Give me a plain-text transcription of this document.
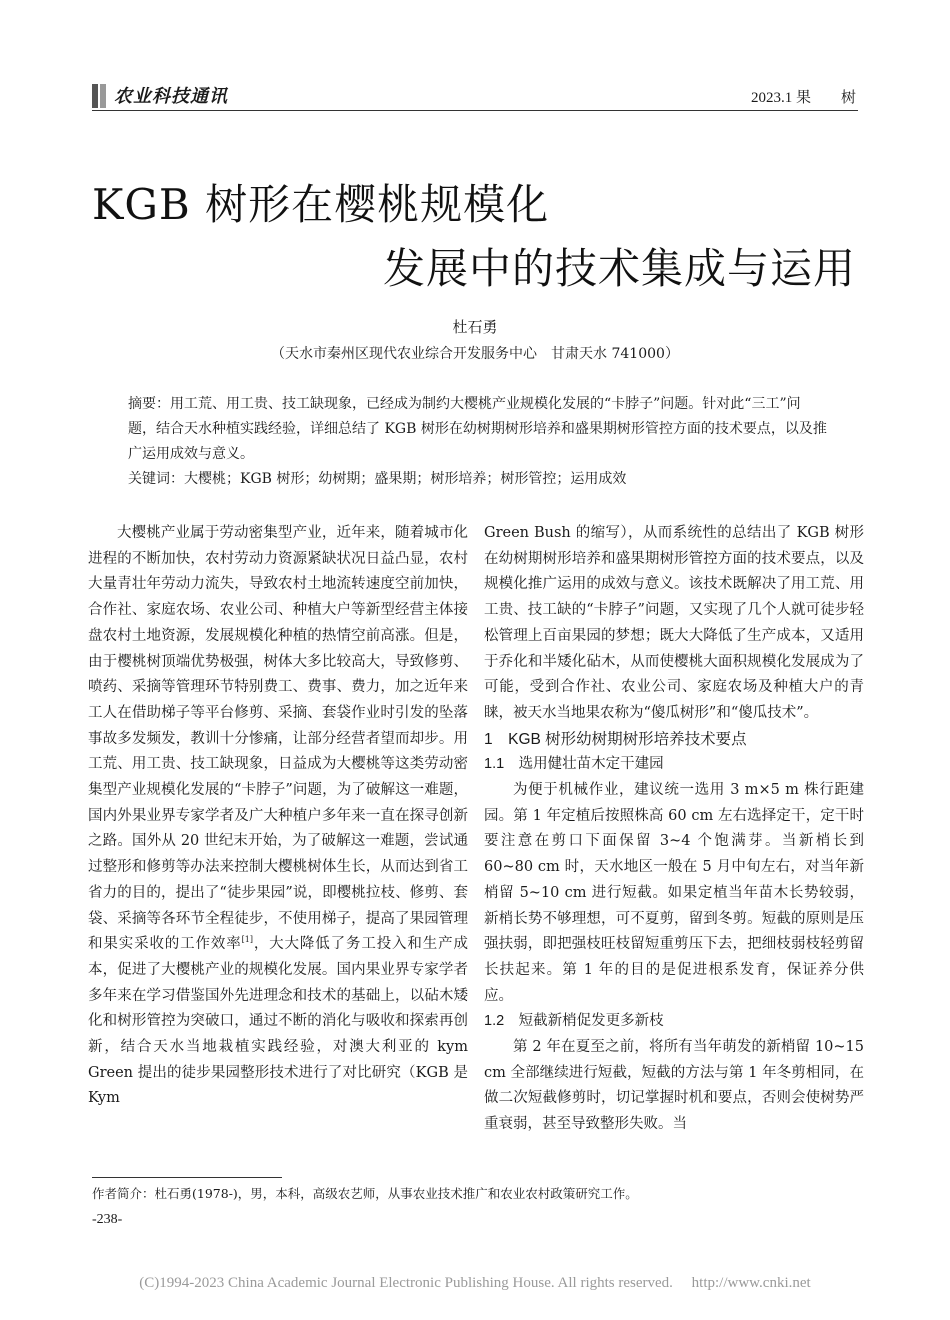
农业科技通讯	2023.1 果　　树
KGB 树形在樱桃规模化
发展中的技术集成与运用
杜石勇
（天水市秦州区现代农业综合开发服务中心　甘肃天水 741000）
摘要：用工荒、用工贵、技工缺现象，已经成为制约大樱桃产业规模化发展的“卡脖子”问题。针对此“三工”问题，结合天水种植实践经验，详细总结了 KGB 树形在幼树期树形培养和盛果期树形管控方面的技术要点，以及推广运用成效与意义。
关键词：大樱桃；KGB 树形；幼树期；盛果期；树形培养；树形管控；运用成效

大樱桃产业属于劳动密集型产业，近年来，随着城市化进程的不断加快，农村劳动力资源紧缺状况日益凸显，农村大量青壮年劳动力流失，导致农村土地流转速度空前加快，合作社、家庭农场、农业公司、种植大户等新型经营主体接盘农村土地资源，发展规模化种植的热情空前高涨。但是，由于樱桃树顶端优势极强，树体大多比较高大，导致修剪、喷药、采摘等管理环节特别费工、费事、费力，加之近年来工人在借助梯子等平台修剪、采摘、套袋作业时引发的坠落事故多发频发，教训十分惨痛，让部分经营者望而却步。用工荒、用工贵、技工缺现象，日益成为大樱桃等这类劳动密集型产业规模化发展的“卡脖子”问题，为了破解这一难题，国内外果业界专家学者及广大种植户多年来一直在探寻创新之路。国外从 20 世纪末开始，为了破解这一难题，尝试通过整形和修剪等办法来控制大樱桃树体生长，从而达到省工省力的目的，提出了“徒步果园”说，即樱桃拉枝、修剪、套袋、采摘等各环节全程徒步，不使用梯子，提高了果园管理和果实采收的工作效率[1]，大大降低了务工投入和生产成本，促进了大樱桃产业的规模化发展。国内果业界专家学者多年来在学习借鉴国外先进理念和技术的基础上，以砧木矮化和树形管控为突破口，通过不断的消化与吸收和探索再创新，结合天水当地栽植实践经验，对澳大利亚的 kym Green 提出的徒步果园整形技术进行了对比研究（KGB 是 Kym

Green Bush 的缩写），从而系统性的总结出了 KGB 树形在幼树期树形培养和盛果期树形管控方面的技术要点，以及规模化推广运用的成效与意义。该技术既解决了用工荒、用工贵、技工缺的“卡脖子”问题，又实现了几个人就可徒步轻松管理上百亩果园的梦想；既大大降低了生产成本，又适用于乔化和半矮化砧木，从而使樱桃大面积规模化发展成为了可能，受到合作社、农业公司、家庭农场及种植大户的青睐，被天水当地果农称为“傻瓜树形”和“傻瓜技术”。

1　KGB 树形幼树期树形培养技术要点
1.1　选用健壮苗木定干建园

为便于机械作业，建议统一选用 3 m×5 m 株行距建园。第 1 年定植后按照株高 60 cm 左右选择定干，定干时要注意在剪口下面保留 3~4 个饱满芽。当新梢长到 60~80 cm 时，天水地区一般在 5 月中旬左右，对当年新梢留 5~10 cm 进行短截。如果定植当年苗木长势较弱，新梢长势不够理想，可不夏剪，留到冬剪。短截的原则是压强扶弱，即把强枝旺枝留短重剪压下去，把细枝弱枝轻剪留长扶起来。第 1 年的目的是促进根系发育，保证养分供应。

1.2　短截新梢促发更多新枝

第 2 年在夏至之前，将所有当年萌发的新梢留 10~15 cm 全部继续进行短截，短截的方法与第 1 年冬剪相同，在做二次短截修剪时，切记掌握时机和要点，否则会使树势严重衰弱，甚至导致整形失败。当

作者简介：杜石勇(1978-)，男，本科，高级农艺师，从事农业技术推广和农业农村政策研究工作。
-238-
(C)1994-2023 China Academic Journal Electronic Publishing House. All rights reserved.　 http://www.cnki.net
